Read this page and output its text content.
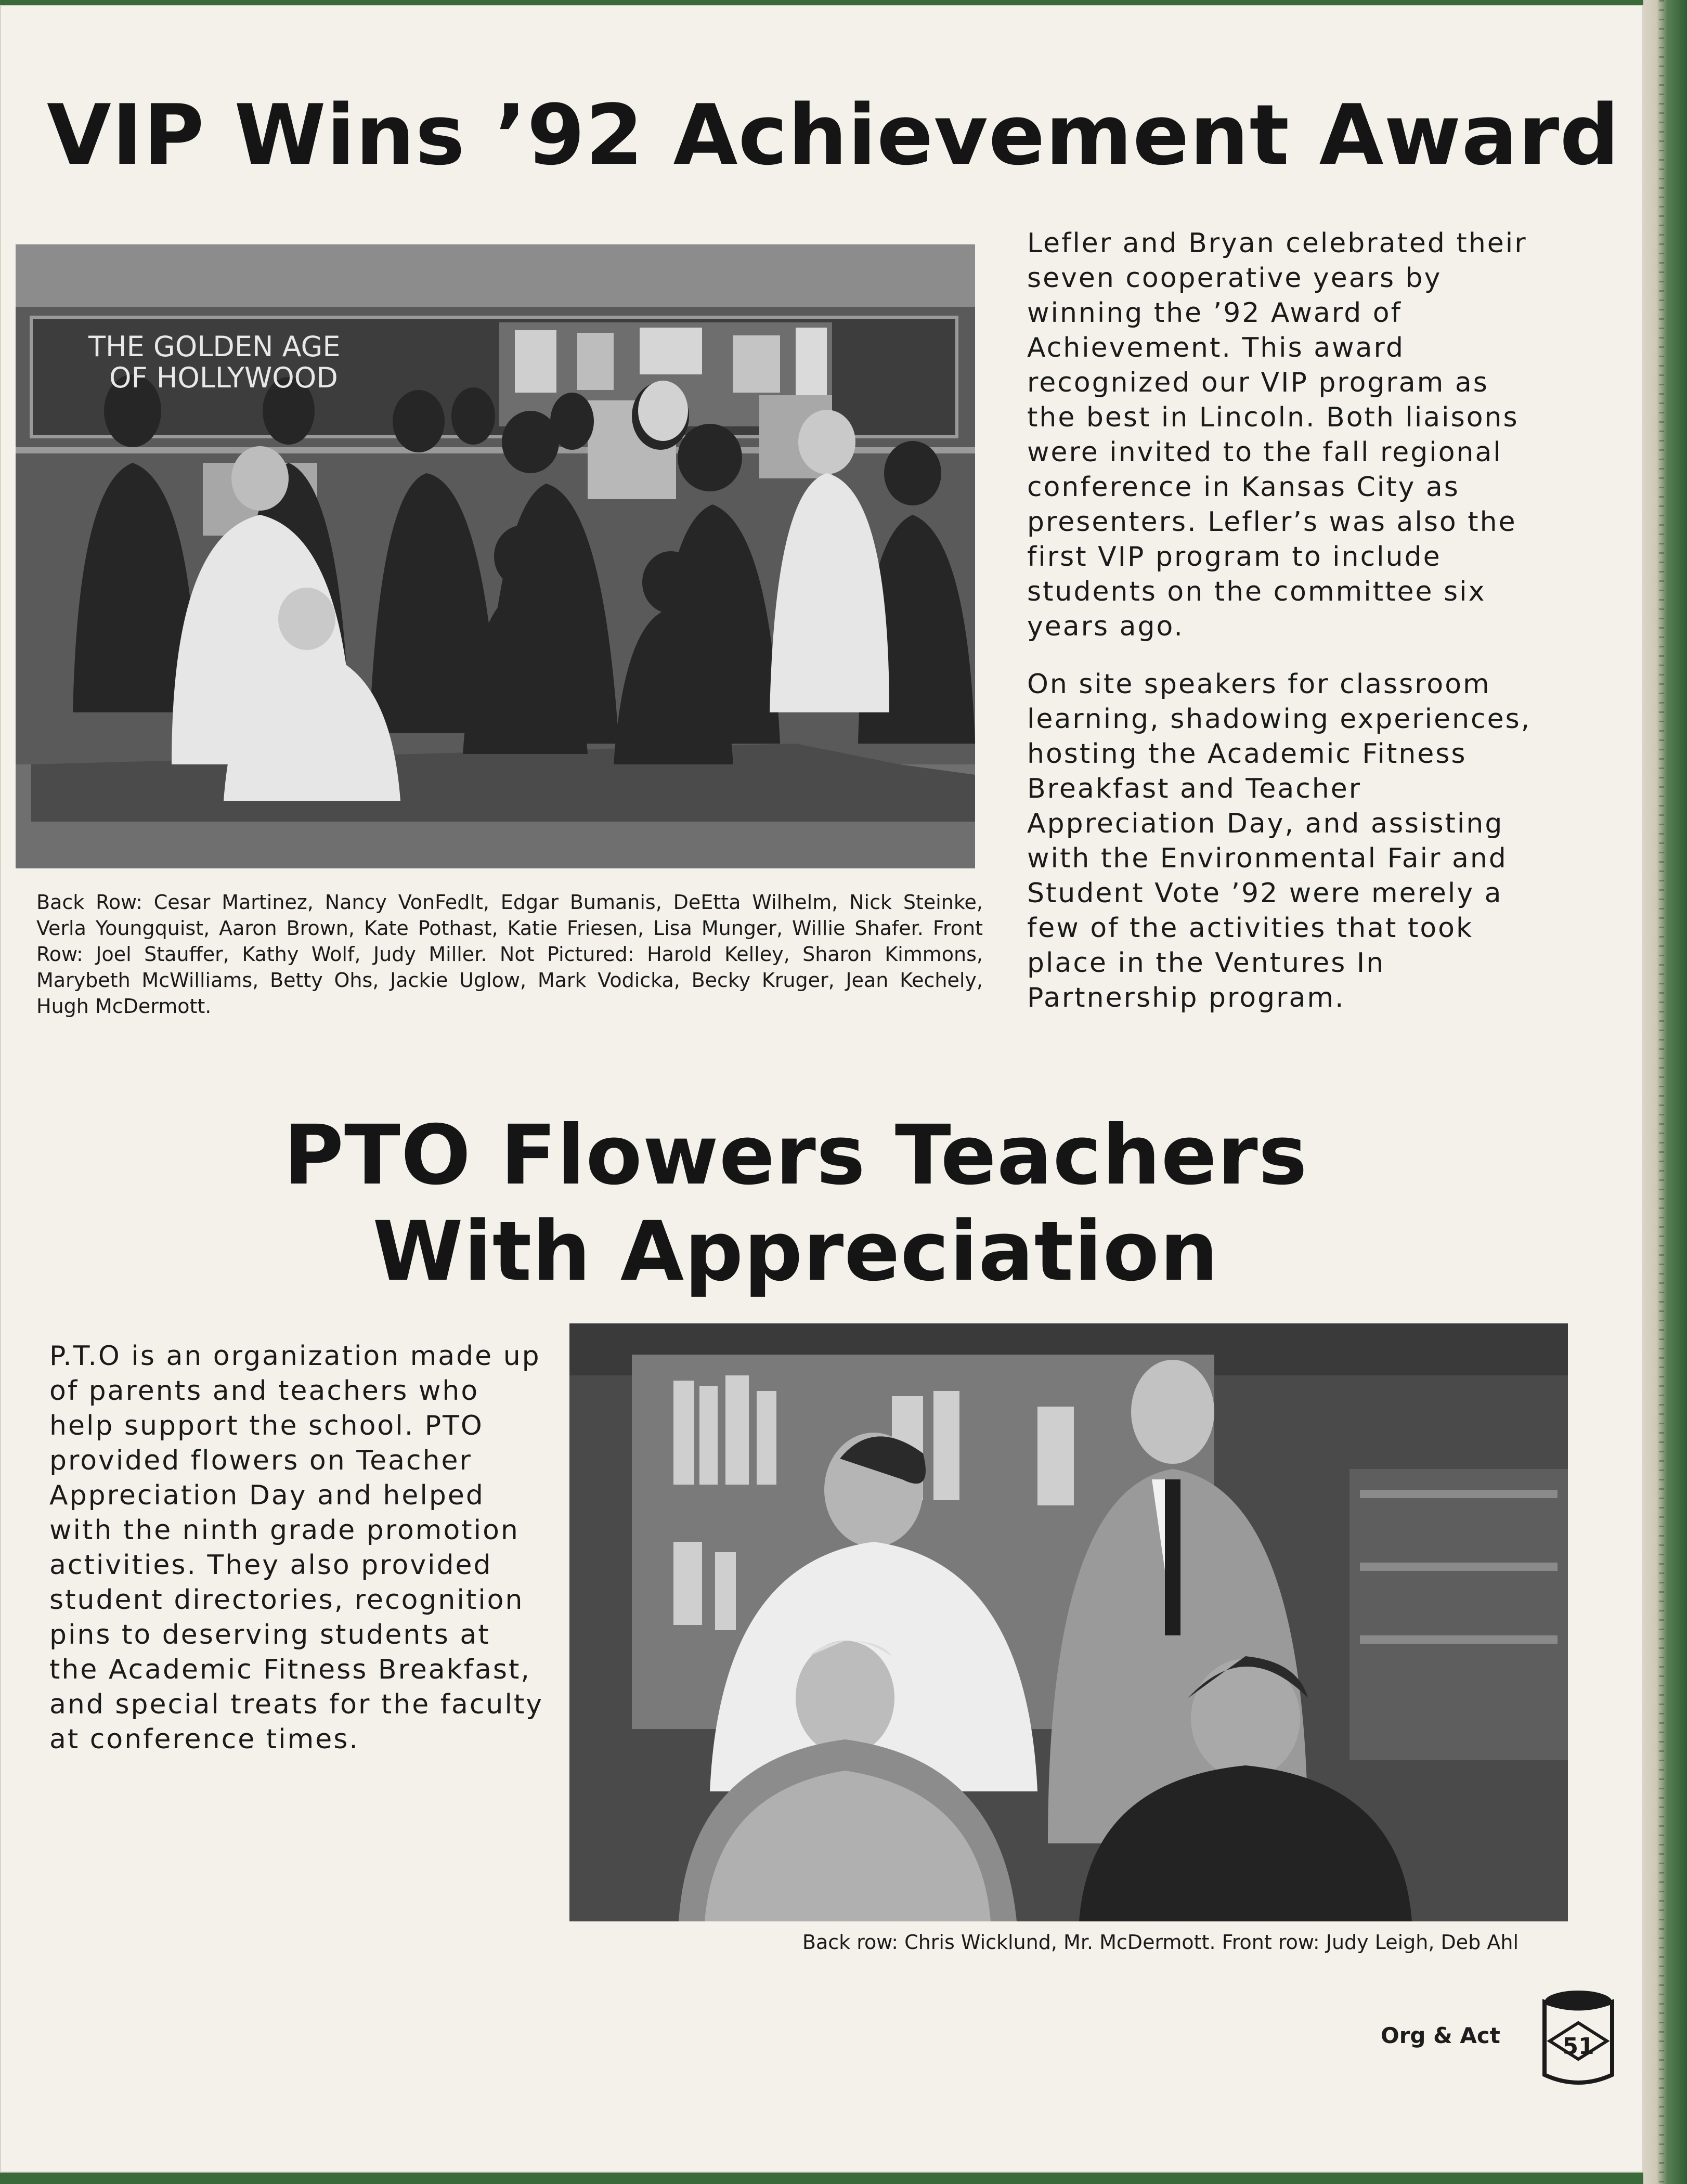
VIP Wins ’92 Achievement Award
THE GOLDEN AGE
OF HOLLYWOOD
Back Row: Cesar Martinez, Nancy VonFedlt, Edgar Bumanis, DeEtta Wilhelm, Nick Steinke, Verla Youngquist, Aaron Brown, Kate Pothast, Katie Friesen, Lisa Munger, Willie Shafer. Front Row: Joel Stauffer, Kathy Wolf, Judy Miller. Not Pictured: Harold Kelley, Sharon Kimmons, Marybeth McWilliams, Betty Ohs, Jackie Uglow, Mark Vodicka, Becky Kruger, Jean Kechely, Hugh McDermott.

Lefler and Bryan celebrated their seven cooperative years by winning the ’92 Award of Achievement. This award recognized our VIP program as the best in Lincoln. Both liaisons were invited to the fall regional conference in Kansas City as presenters. Lefler’s was also the first VIP program to include students on the committee six years ago.

On site speakers for classroom learning, shadowing experiences, hosting the Academic Fitness Breakfast and Teacher Appreciation Day, and assisting with the Environmental Fair and Student Vote ’92 were merely a few of the activities that took place in the Ventures In Partnership program.

PTO Flowers Teachers With Appreciation

P.T.O is an organization made up of parents and teachers who help support the school. PTO provided flowers on Teacher Appreciation Day and helped with the ninth grade promotion activities. They also provided student directories, recognition pins to deserving students at the Academic Fitness Breakfast, and special treats for the faculty at conference times.

Back row: Chris Wicklund, Mr. McDermott. Front row: Judy Leigh, Deb Ahl
Org & Act	51
